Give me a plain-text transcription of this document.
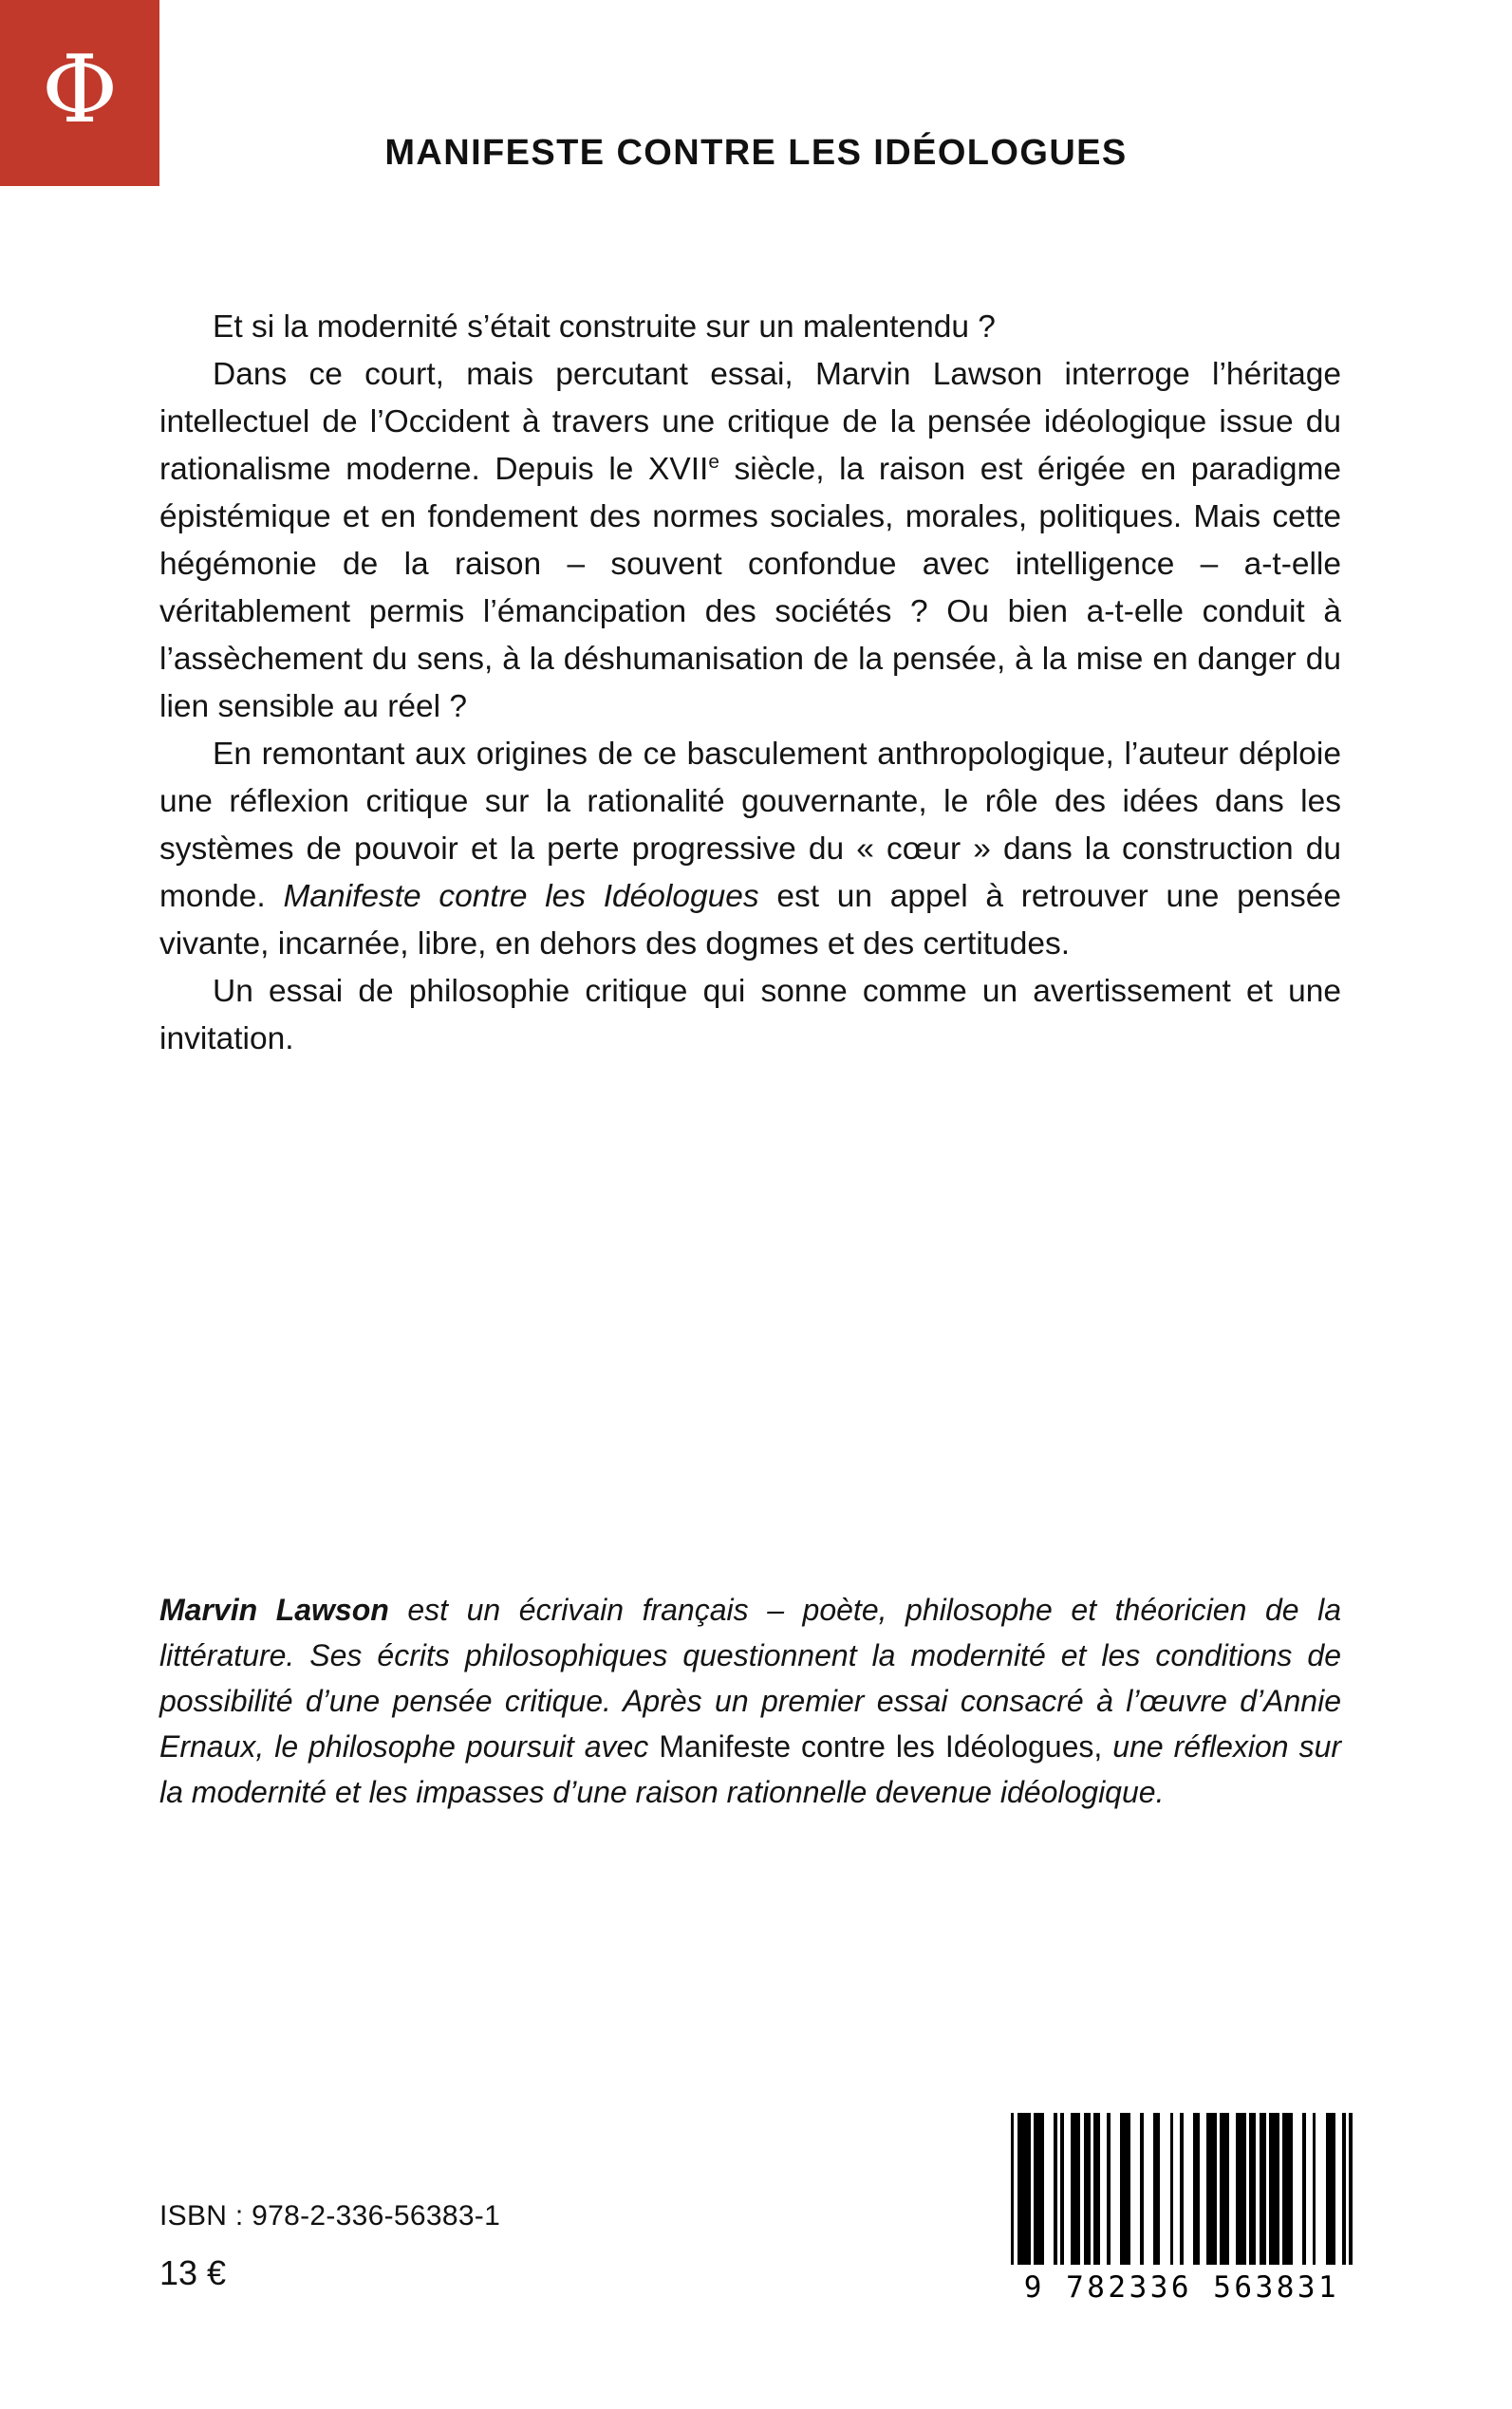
Φ
MANIFESTE CONTRE LES IDÉOLOGUES

Et si la modernité s’était construite sur un malentendu ?

Dans ce court, mais percutant essai, Marvin Lawson interroge l’héritage intellectuel de l’Occident à travers une critique de la pensée idéologique issue du rationalisme moderne. Depuis le XVIIe siècle, la raison est érigée en paradigme épistémique et en fondement des normes sociales, morales, politiques. Mais cette hégémonie de la raison – souvent confondue avec intelligence – a-t-elle véritablement permis l’émancipation des sociétés ? Ou bien a-t-elle conduit à l’assèchement du sens, à la déshumanisation de la pensée, à la mise en danger du lien sensible au réel ?

En remontant aux origines de ce basculement anthropologique, l’auteur déploie une réflexion critique sur la rationalité gouvernante, le rôle des idées dans les systèmes de pouvoir et la perte progressive du « cœur » dans la construction du monde. Manifeste contre les Idéologues est un appel à retrouver une pensée vivante, incarnée, libre, en dehors des dogmes et des certitudes.

Un essai de philosophie critique qui sonne comme un avertissement et une invitation.

Marvin Lawson est un écrivain français – poète, philosophe et théoricien de la littérature. Ses écrits philosophiques questionnent la modernité et les conditions de possibilité d’une pensée critique. Après un premier essai consacré à l’œuvre d’Annie Ernaux, le philosophe poursuit avec Manifeste contre les Idéologues, une réflexion sur la modernité et les impasses d’une raison rationnelle devenue idéologique.
ISBN : 978-2-336-56383-1
13 €	9 782336 563831
